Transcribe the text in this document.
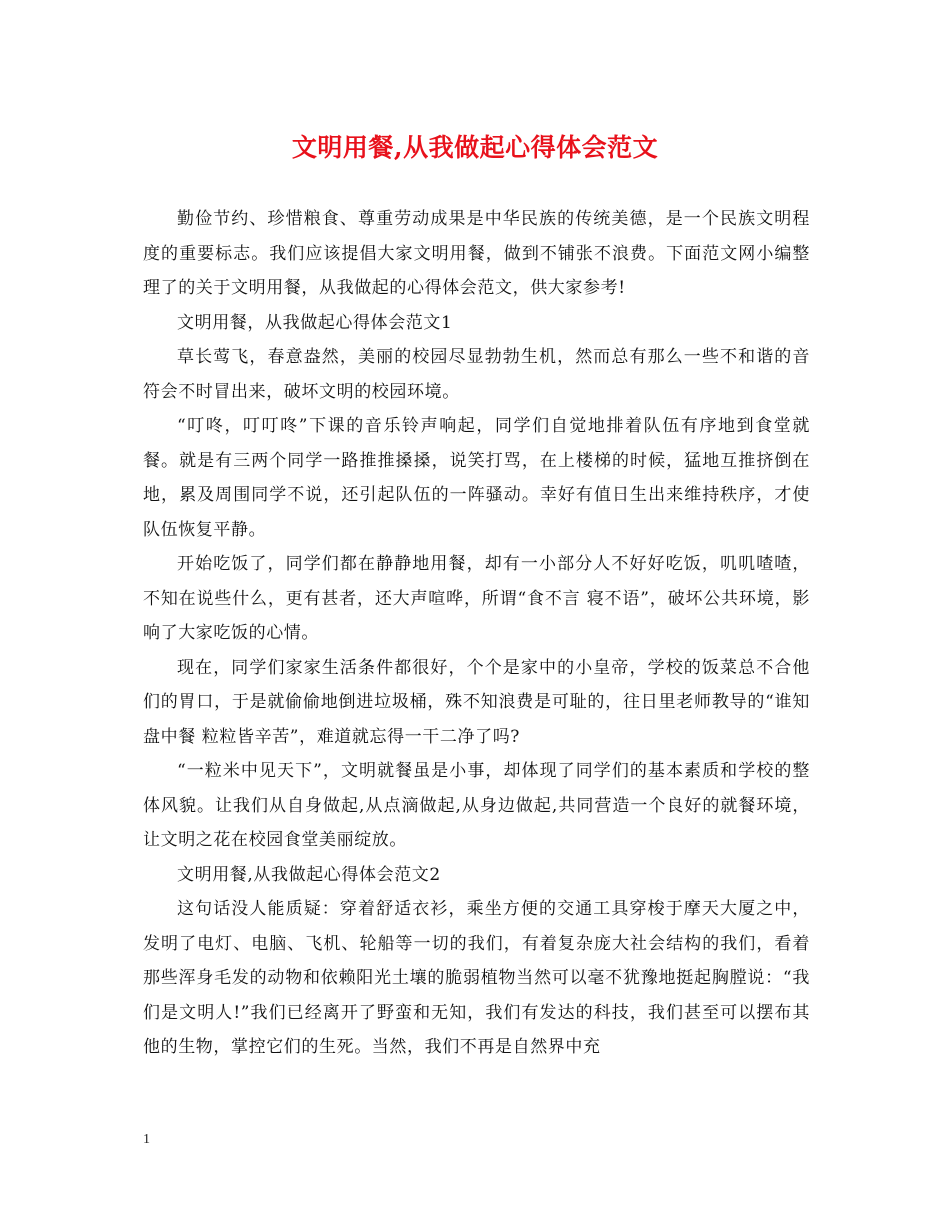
文明用餐,从我做起心得体会范文

勤俭节约、珍惜粮食、尊重劳动成果是中华民族的传统美德，是一个民族文明程度的重要标志。我们应该提倡大家文明用餐，做到不铺张不浪费。下面范文网小编整理了的关于文明用餐，从我做起的心得体会范文，供大家参考!

文明用餐，从我做起心得体会范文1

草长莺飞，春意盎然，美丽的校园尽显勃勃生机，然而总有那么一些不和谐的音符会不时冒出来，破坏文明的校园环境。

“叮咚，叮叮咚”下课的音乐铃声响起，同学们自觉地排着队伍有序地到食堂就餐。就是有三两个同学一路推推搡搡，说笑打骂，在上楼梯的时候，猛地互推挤倒在地，累及周围同学不说，还引起队伍的一阵骚动。幸好有值日生出来维持秩序，才使队伍恢复平静。

开始吃饭了，同学们都在静静地用餐，却有一小部分人不好好吃饭，叽叽喳喳，不知在说些什么，更有甚者，还大声喧哗，所谓“食不言 寝不语”，破坏公共环境，影响了大家吃饭的心情。

现在，同学们家家生活条件都很好，个个是家中的小皇帝，学校的饭菜总不合他们的胃口，于是就偷偷地倒进垃圾桶，殊不知浪费是可耻的，往日里老师教导的“谁知盘中餐 粒粒皆辛苦”，难道就忘得一干二净了吗?

“一粒米中见天下”，文明就餐虽是小事，却体现了同学们的基本素质和学校的整体风貌。让我们从自身做起,从点滴做起,从身边做起,共同营造一个良好的就餐环境，让文明之花在校园食堂美丽绽放。

文明用餐,从我做起心得体会范文2

这句话没人能质疑：穿着舒适衣衫，乘坐方便的交通工具穿梭于摩天大厦之中，发明了电灯、电脑、飞机、轮船等一切的我们，有着复杂庞大社会结构的我们，看着那些浑身毛发的动物和依赖阳光土壤的脆弱植物当然可以毫不犹豫地挺起胸膛说：“我们是文明人!”我们已经离开了野蛮和无知，我们有发达的科技，我们甚至可以摆布其他的生物，掌控它们的生死。当然，我们不再是自然界中充

1
